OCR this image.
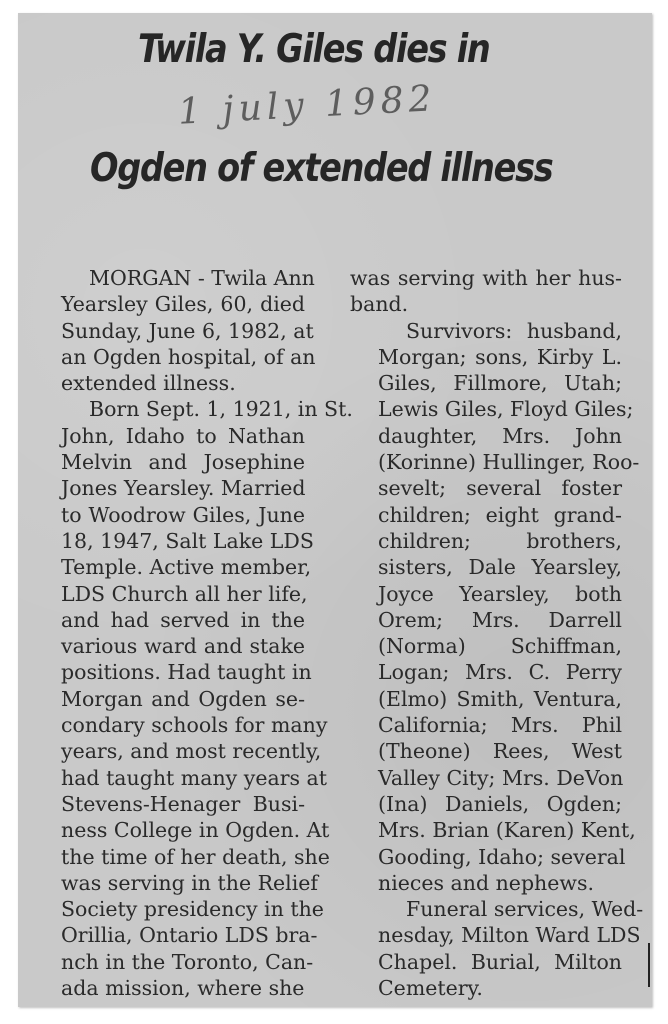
Twila Y. Giles dies in
1 july 1982
Ogden of extended illness
MORGAN - Twila Ann
Yearsley Giles, 60, died
Sunday, June 6, 1982, at
an Ogden hospital, of an
extended illness.
Born Sept. 1, 1921, in St.
John, Idaho to Nathan
Melvin and Josephine
Jones Yearsley. Married
to Woodrow Giles, June
18, 1947, Salt Lake LDS
Temple. Active member,
LDS Church all her life,
and had served in the
various ward and stake
positions. Had taught in
Morgan and Ogden se-
condary schools for many
years, and most recently,
had taught many years at
Stevens-Henager Busi-
ness College in Ogden. At
the time of her death, she
was serving in the Relief
Society presidency in the
Orillia, Ontario LDS bra-
nch in the Toronto, Can-
ada mission, where she
was serving with her hus-
band.
Survivors: husband,
Morgan; sons, Kirby L.
Giles, Fillmore, Utah;
Lewis Giles, Floyd Giles;
daughter, Mrs. John
(Korinne) Hullinger, Roo-
sevelt; several foster
children; eight grand-
children; brothers,
sisters, Dale Yearsley,
Joyce Yearsley, both
Orem; Mrs. Darrell
(Norma) Schiffman,
Logan; Mrs. C. Perry
(Elmo) Smith, Ventura,
California; Mrs. Phil
(Theone) Rees, West
Valley City; Mrs. DeVon
(Ina) Daniels, Ogden;
Mrs. Brian (Karen) Kent,
Gooding, Idaho; several
nieces and nephews.
Funeral services, Wed-
nesday, Milton Ward LDS
Chapel. Burial, Milton
Cemetery.
